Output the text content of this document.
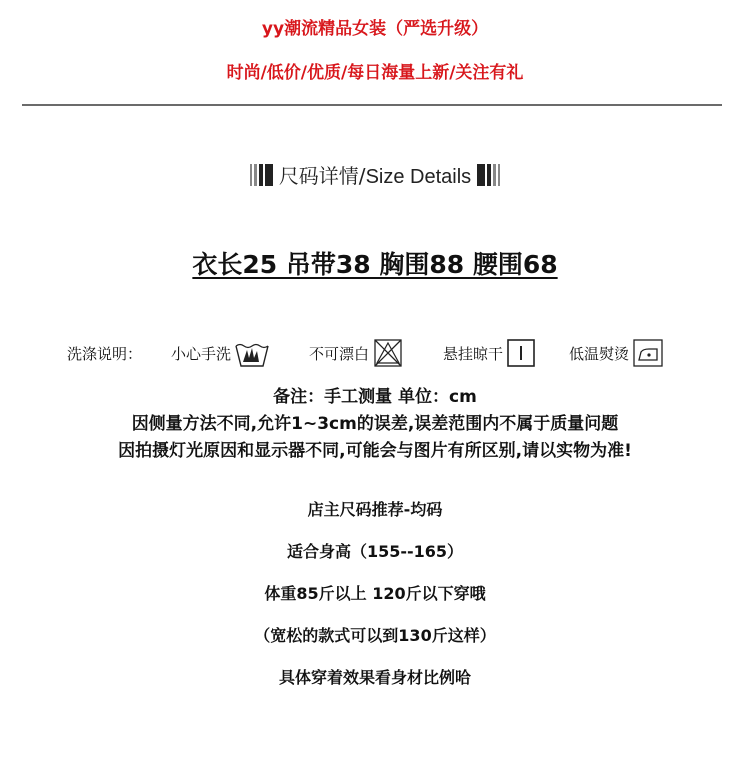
yy潮流精品女装（严选升级）
时尚/低价/优质/每日海量上新/关注有礼
尺码详情/Size Details
衣长25 吊带38 胸围88 腰围68
洗涤说明： 小心手洗	不可漂白	悬挂晾干	低温熨烫
备注：手工测量 单位：cm
因侧量方法不同,允许1~3cm的误差,误差范围内不属于质量问题
因拍摄灯光原因和显示器不同,可能会与图片有所区别,请以实物为准!
店主尺码推荐-均码
适合身高（155--165）
体重85斤以上 120斤以下穿哦
（宽松的款式可以到130斤这样）
具体穿着效果看身材比例哈
